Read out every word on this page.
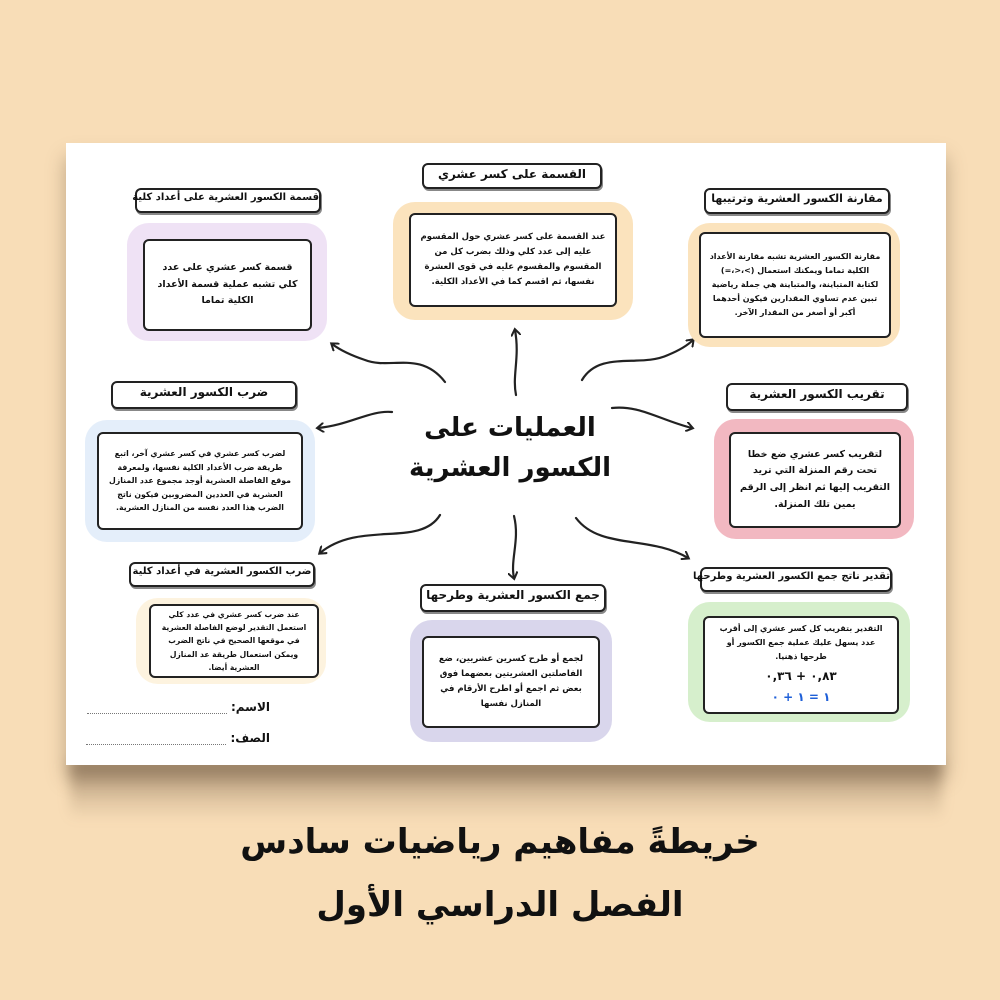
العمليات على
الكسور العشرية
القسمة على كسر عشري
عند القسمة على كسر عشري حول المقسوم عليه إلى عدد كلي وذلك بضرب كل من المقسوم والمقسوم عليه في قوى العشرة نفسها، ثم اقسم كما في الأعداد الكلية.
قسمة الكسور العشرية على أعداد كلية
قسمة كسر عشري على عدد كلي تشبه عملية قسمة الأعداد الكلية تماما
مقارنة الكسور العشرية وترتيبها
مقارنة الكسور العشرية تشبه مقارنة الأعداد الكلية تماما ويمكنك استعمال (>،<،=) لكتابة المتباينة، والمتباينة هي جملة رياضية تبين عدم تساوي المقدارين فيكون أحدهما أكبر أو أصغر من المقدار الآخر.
ضرب الكسور العشرية
لضرب كسر عشري في كسر عشري آخر، اتبع طريقة ضرب الأعداد الكلية نفسها، ولمعرفة موقع الفاصلة العشرية أوجد مجموع عدد المنازل العشرية في العددين المضروبين فيكون ناتج الضرب هذا العدد نفسه من المنازل العشرية.
تقريب الكسور العشرية
لتقريب كسر عشري ضع خطا تحت رقم المنزلة التي تريد التقريب إليها ثم انظر إلى الرقم يمين تلك المنزلة.
ضرب الكسور العشرية في أعداد كلية
عند ضرب كسر عشري في عدد كلي استعمل التقدير لوضع الفاصلة العشرية في موقعها الصحيح في ناتج الضرب ويمكن استعمال طريقة عد المنازل العشرية أيضا.
جمع الكسور العشرية وطرحها
لجمع أو طرح كسرين عشريين، ضع الفاصلتين العشريتين بعضهما فوق بعض ثم اجمع أو اطرح الأرقام في المنازل نفسها
تقدير ناتج جمع الكسور العشرية وطرحها
التقدير بتقريب كل كسر عشري إلى أقرب عدد يسهل عليك عملية جمع الكسور أو طرحها ذهنيا.
٠,٨٣ + ٠,٣٦
١ = ١ + ٠
الاسم:
الصف:
خريطةً مفاهيم رياضيات سادس
الفصل الدراسي الأول
